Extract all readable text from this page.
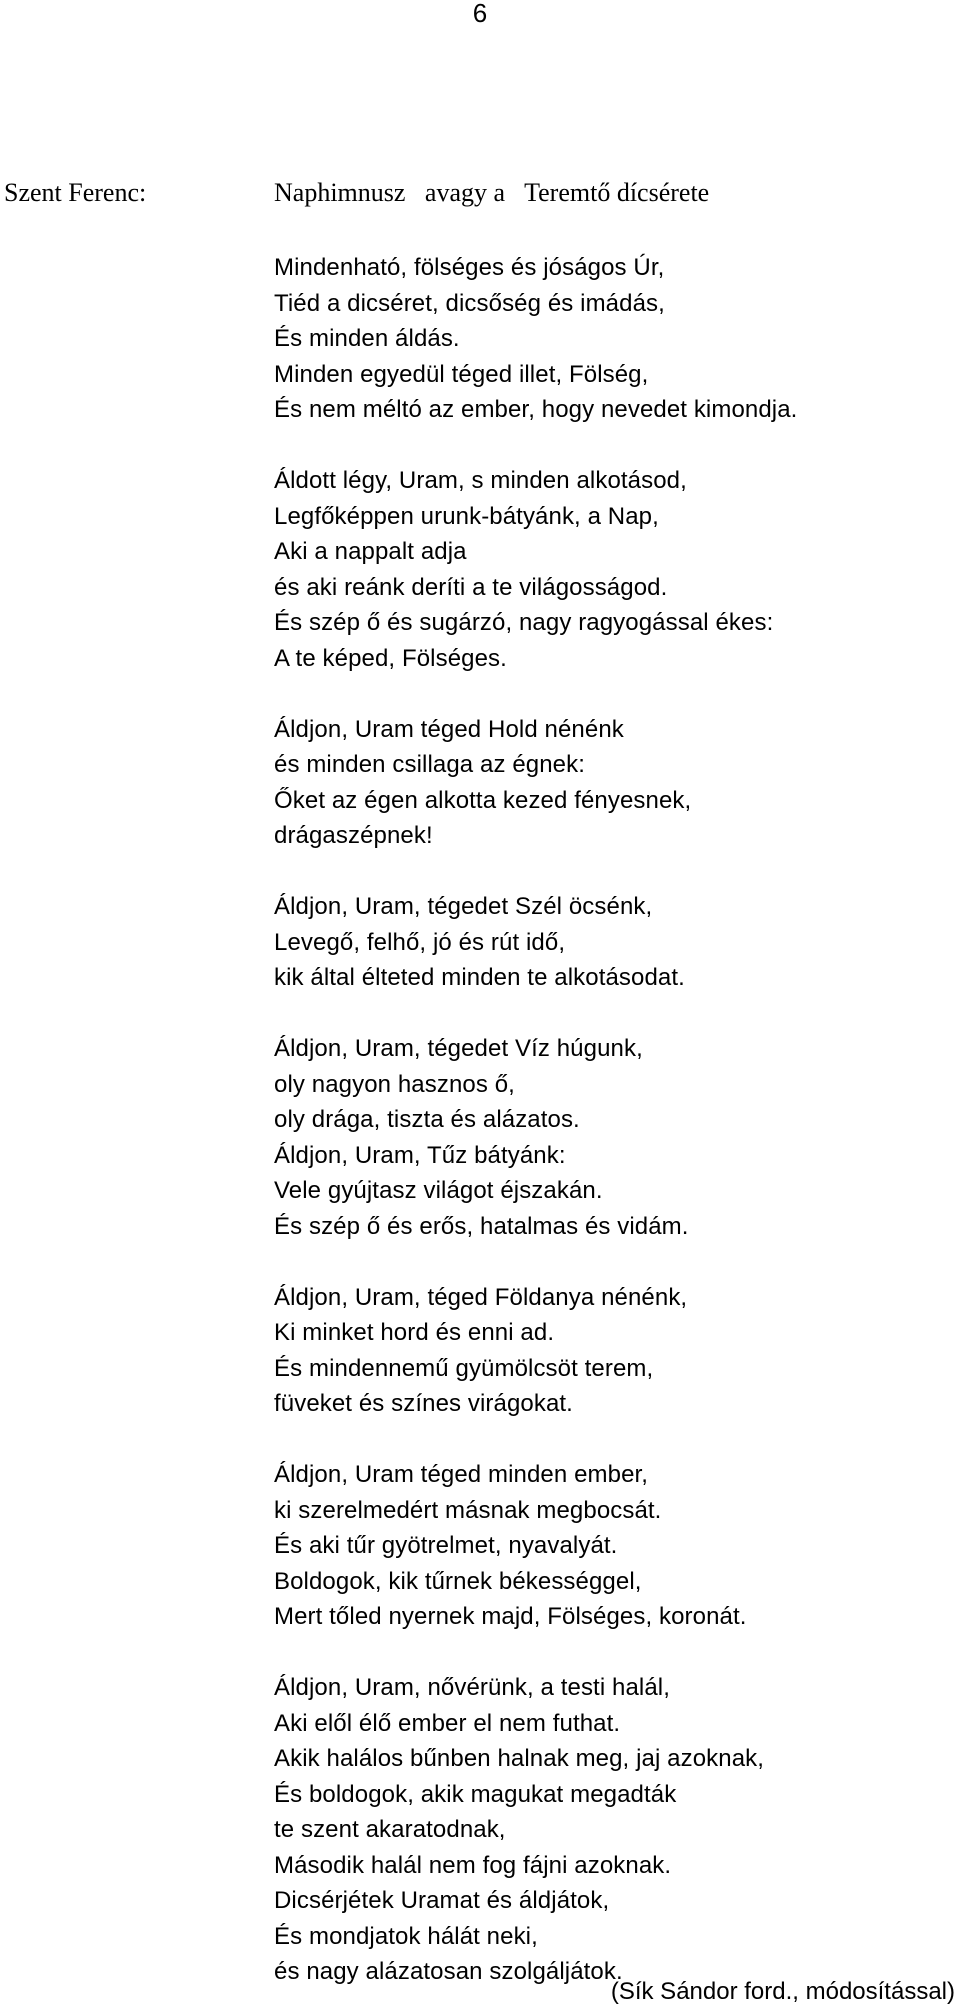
6
Szent Ferenc:	Naphimnusz   avagy a   Teremtő dícsérete
Mindenható, fölséges és jóságos Úr,
Tiéd a dicséret, dicsőség és imádás,
És minden áldás.
Minden egyedül téged illet, Fölség,
És nem méltó az ember, hogy nevedet kimondja.
Áldott légy, Uram, s minden alkotásod,
Legfőképpen urunk-bátyánk, a Nap,
Aki a nappalt adja
és aki reánk deríti a te világosságod.
És szép ő és sugárzó, nagy ragyogással ékes:
A te képed, Fölséges.
Áldjon, Uram téged Hold nénénk
és minden csillaga az égnek:
Őket az égen alkotta kezed fényesnek,
drágaszépnek!
Áldjon, Uram, tégedet Szél öcsénk,
Levegő, felhő, jó és rút idő,
kik által élteted minden te alkotásodat.
Áldjon, Uram, tégedet Víz húgunk,
oly nagyon hasznos ő,
oly drága, tiszta és alázatos.
Áldjon, Uram, Tűz bátyánk:
Vele gyújtasz világot éjszakán.
És szép ő és erős, hatalmas és vidám.
Áldjon, Uram, téged Földanya nénénk,
Ki minket hord és enni ad.
És mindennemű gyümölcsöt terem,
füveket és színes virágokat.
Áldjon, Uram téged minden ember,
ki szerelmedért másnak megbocsát.
És aki tűr gyötrelmet, nyavalyát.
Boldogok, kik tűrnek békességgel,
Mert tőled nyernek majd, Fölséges, koronát.
Áldjon, Uram, nővérünk, a testi halál,
Aki elől élő ember el nem futhat.
Akik halálos bűnben halnak meg, jaj azoknak,
És boldogok, akik magukat megadták
te szent akaratodnak,
Második halál nem fog fájni azoknak.
Dicsérjétek Uramat és áldjátok,
És mondjatok hálát neki,
és nagy alázatosan szolgáljátok.
(Sík Sándor ford., módosítással)
